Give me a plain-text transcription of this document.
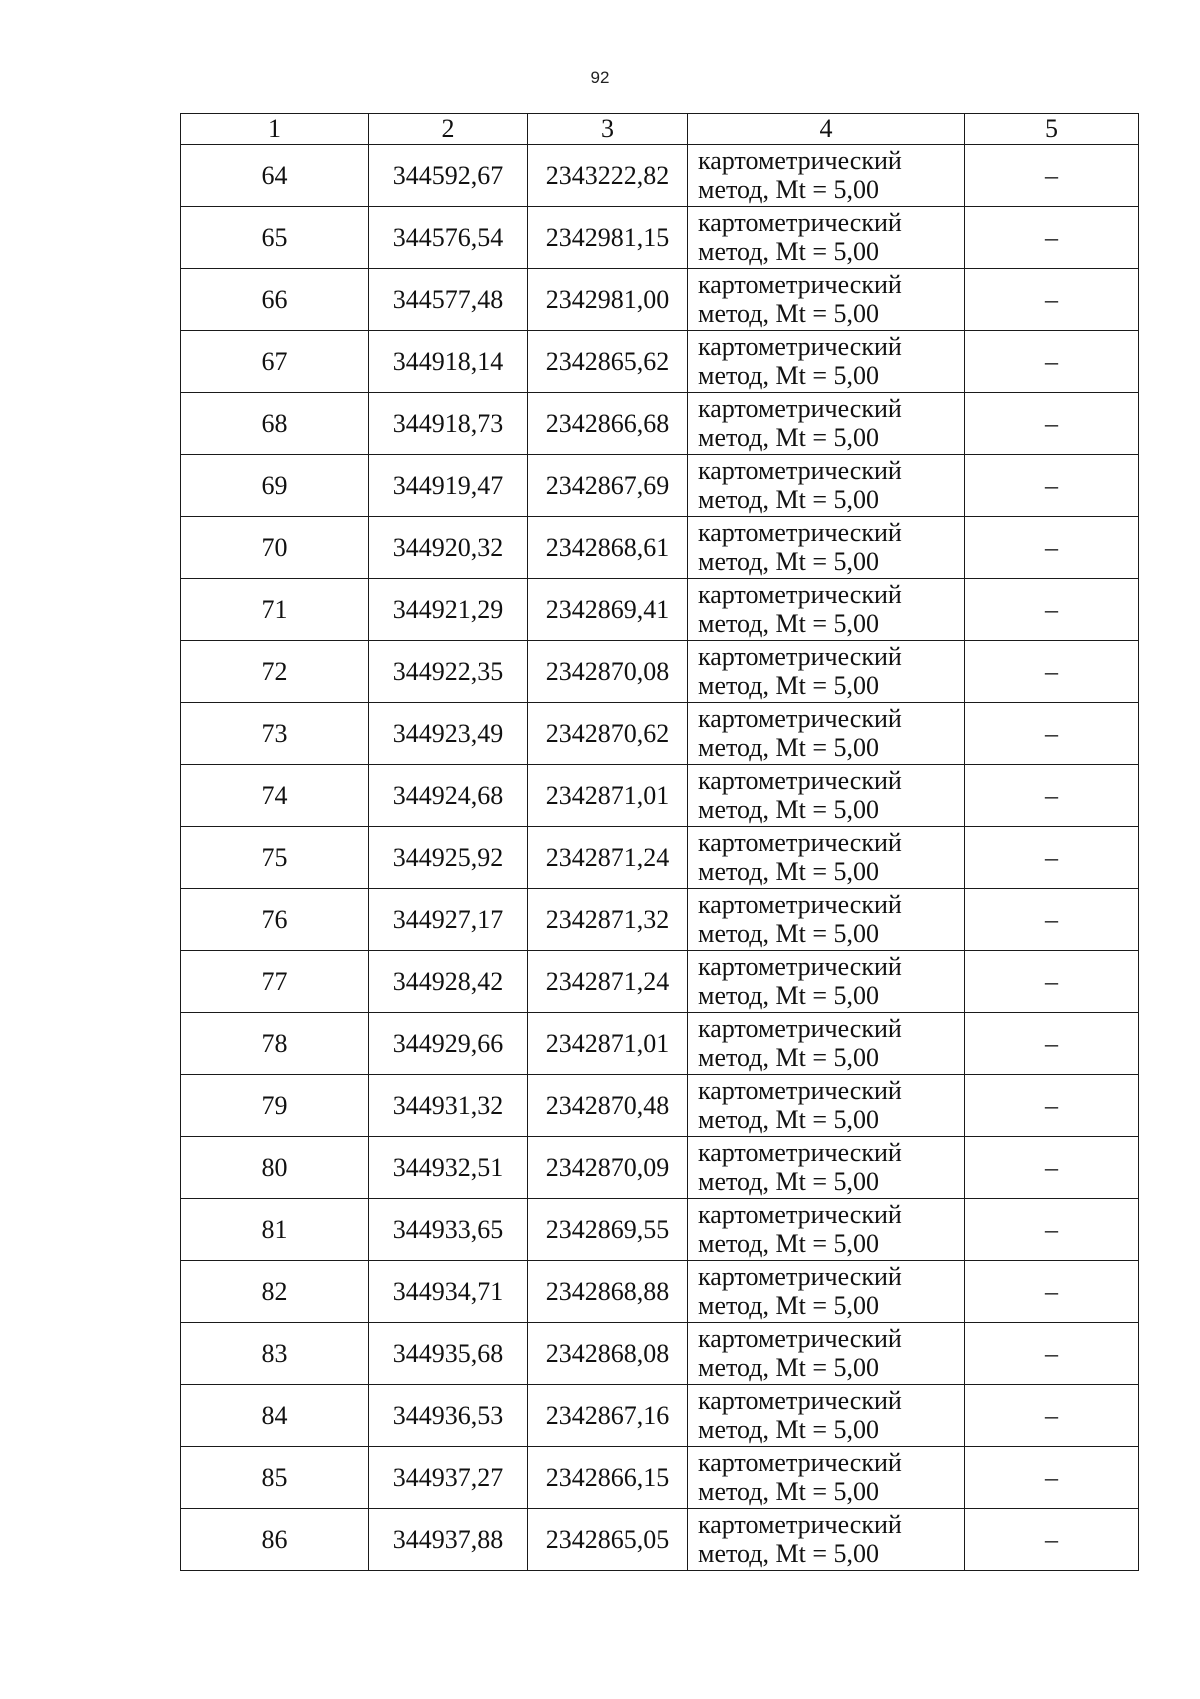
92
1	2	3	4	5
64	344592,67	2343222,82	картометрический
метод, Mt = 5,00	–
65	344576,54	2342981,15	картометрический
метод, Mt = 5,00	–
66	344577,48	2342981,00	картометрический
метод, Mt = 5,00	–
67	344918,14	2342865,62	картометрический
метод, Mt = 5,00	–
68	344918,73	2342866,68	картометрический
метод, Mt = 5,00	–
69	344919,47	2342867,69	картометрический
метод, Mt = 5,00	–
70	344920,32	2342868,61	картометрический
метод, Mt = 5,00	–
71	344921,29	2342869,41	картометрический
метод, Mt = 5,00	–
72	344922,35	2342870,08	картометрический
метод, Mt = 5,00	–
73	344923,49	2342870,62	картометрический
метод, Mt = 5,00	–
74	344924,68	2342871,01	картометрический
метод, Mt = 5,00	–
75	344925,92	2342871,24	картометрический
метод, Mt = 5,00	–
76	344927,17	2342871,32	картометрический
метод, Mt = 5,00	–
77	344928,42	2342871,24	картометрический
метод, Mt = 5,00	–
78	344929,66	2342871,01	картометрический
метод, Mt = 5,00	–
79	344931,32	2342870,48	картометрический
метод, Mt = 5,00	–
80	344932,51	2342870,09	картометрический
метод, Mt = 5,00	–
81	344933,65	2342869,55	картометрический
метод, Mt = 5,00	–
82	344934,71	2342868,88	картометрический
метод, Mt = 5,00	–
83	344935,68	2342868,08	картометрический
метод, Mt = 5,00	–
84	344936,53	2342867,16	картометрический
метод, Mt = 5,00	–
85	344937,27	2342866,15	картометрический
метод, Mt = 5,00	–
86	344937,88	2342865,05	картометрический
метод, Mt = 5,00	–
